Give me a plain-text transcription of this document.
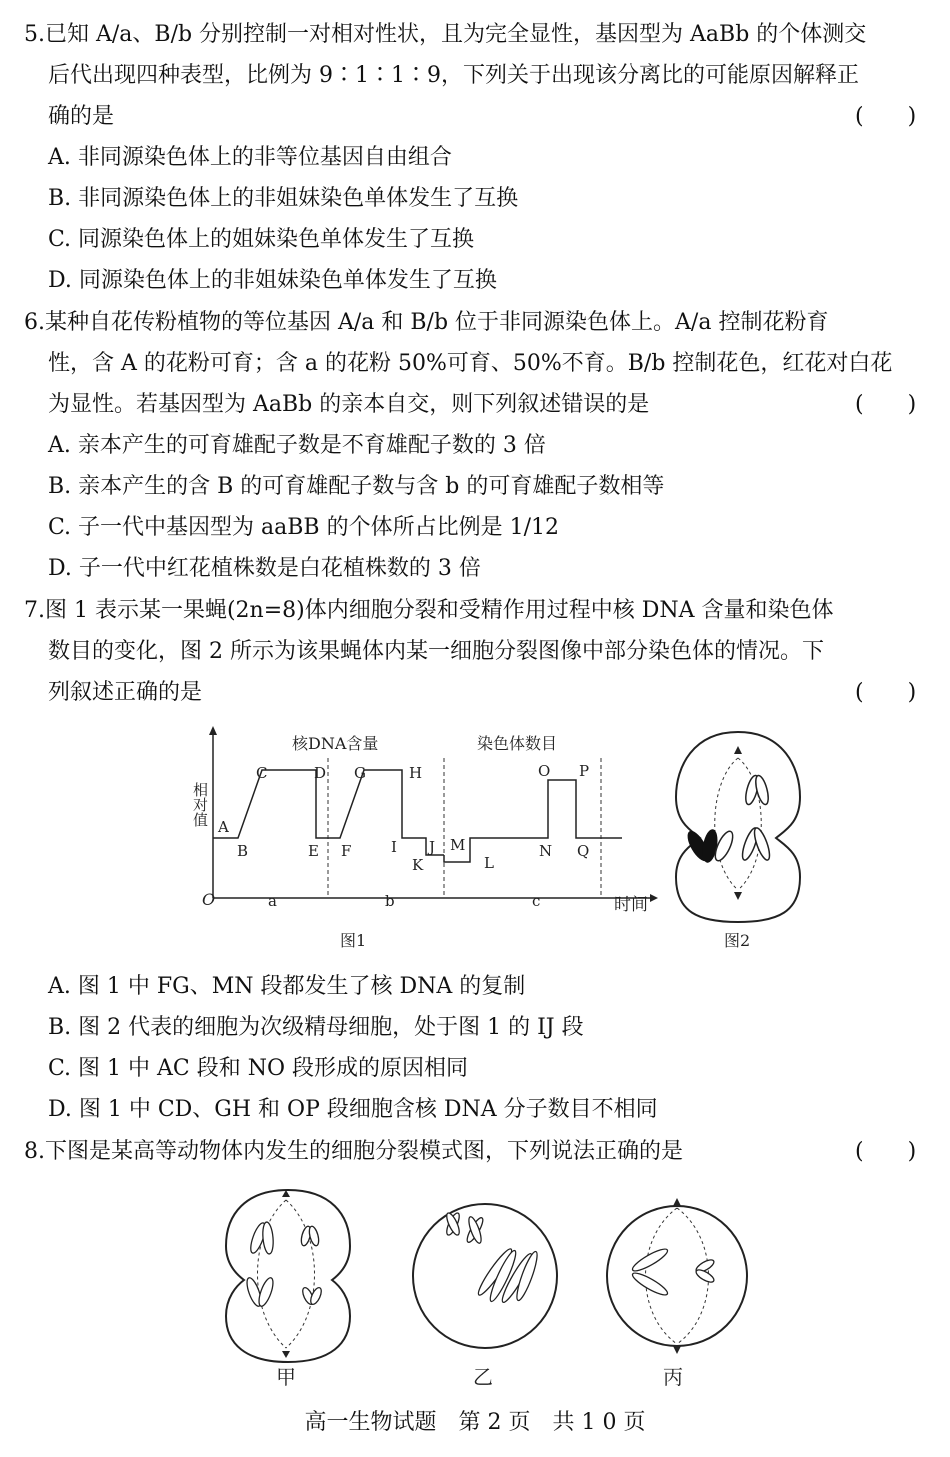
5.已知 A/a、B/b 分别控制一对相对性状，且为完全显性，基因型为 AaBb 的个体测交
后代出现四种表型，比例为 9∶1∶1∶9，下列关于出现该分离比的可能原因解释正
确的是	(　　)
A. 非同源染色体上的非等位基因自由组合
B. 非同源染色体上的非姐妹染色单体发生了互换
C. 同源染色体上的姐妹染色单体发生了互换
D. 同源染色体上的非姐妹染色单体发生了互换
6.某种自花传粉植物的等位基因 A/a 和 B/b 位于非同源染色体上。A/a 控制花粉育
性，含 A 的花粉可育；含 a 的花粉 50%可育、50%不育。B/b 控制花色，红花对白花
为显性。若基因型为 AaBb 的亲本自交，则下列叙述错误的是	(　　)
A. 亲本产生的可育雄配子数是不育雄配子数的 3 倍
B. 亲本产生的含 B 的可育雄配子数与含 b 的可育雄配子数相等
C. 子一代中基因型为 aaBB 的个体所占比例是 1/12
D. 子一代中红花植株数是白花植株数的 3 倍
7.图 1 表示某一果蝇(2n=8)体内细胞分裂和受精作用过程中核 DNA 含量和染色体
数目的变化，图 2 所示为该果蝇体内某一细胞分裂图像中部分染色体的情况。下
列叙述正确的是	(　　)
相对值
时间
O
核DNA含量	染色体数目
A
B
C	D
E F
G	H
I J
K	L
M	N
O P
Q
a	b	c
图1	图2
A. 图 1 中 FG、MN 段都发生了核 DNA 的复制
B. 图 2 代表的细胞为次级精母细胞，处于图 1 的 IJ 段
C. 图 1 中 AC 段和 NO 段形成的原因相同
D. 图 1 中 CD、GH 和 OP 段细胞含核 DNA 分子数目不相同
8.下图是某高等动物体内发生的细胞分裂模式图，下列说法正确的是	(　　)
甲	乙	丙
高一生物试题　第 2 页　共 1 0 页
